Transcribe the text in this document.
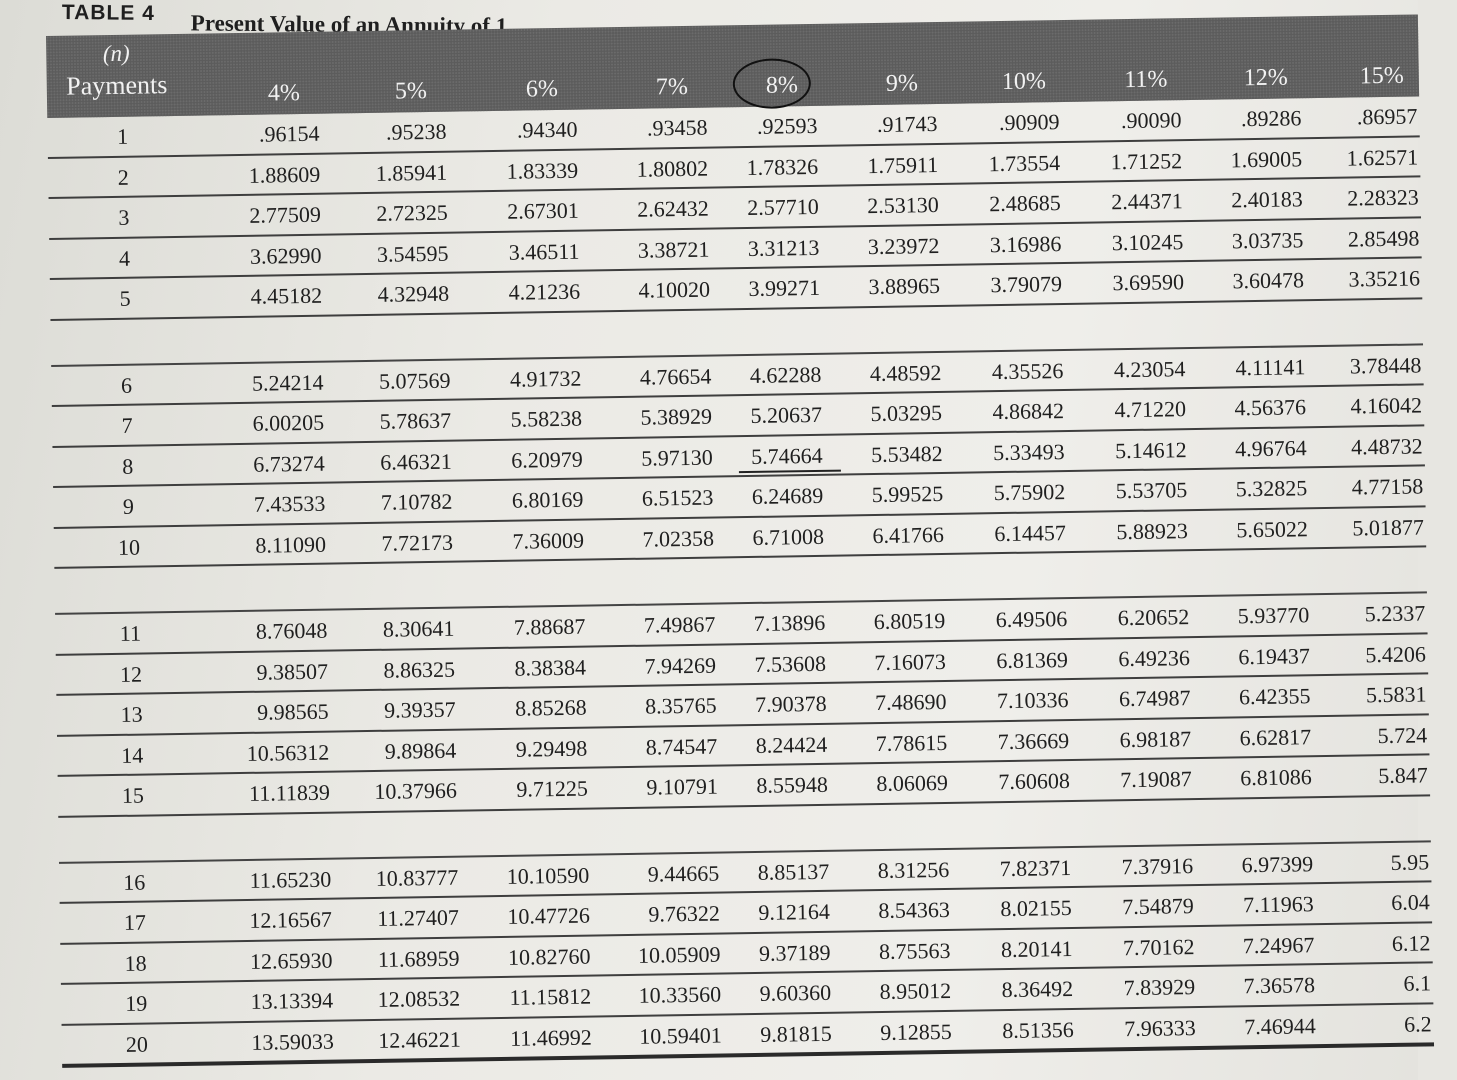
TABLE 4 Present Value of an Annuity of 1
(n)
Payments	4%	5%	6%	7%	8%	9%	10%	11%	12%	15%
1	.96154	.95238	.94340	.93458	.92593	.91743	.90909	.90090	.89286	.86957
2	1.88609	1.85941	1.83339	1.80802	1.78326	1.75911	1.73554	1.71252	1.69005	1.62571
3	2.77509	2.72325	2.67301	2.62432	2.57710	2.53130	2.48685	2.44371	2.40183	2.28323
4	3.62990	3.54595	3.46511	3.38721	3.31213	3.23972	3.16986	3.10245	3.03735	2.85498
5	4.45182	4.32948	4.21236	4.10020	3.99271	3.88965	3.79079	3.69590	3.60478	3.35216
6	5.24214	5.07569	4.91732	4.76654	4.62288	4.48592	4.35526	4.23054	4.11141	3.78448
7	6.00205	5.78637	5.58238	5.38929	5.20637	5.03295	4.86842	4.71220	4.56376	4.16042
8	6.73274	6.46321	6.20979	5.97130	5.74664	5.53482	5.33493	5.14612	4.96764	4.48732
9	7.43533	7.10782	6.80169	6.51523	6.24689	5.99525	5.75902	5.53705	5.32825	4.77158
10	8.11090	7.72173	7.36009	7.02358	6.71008	6.41766	6.14457	5.88923	5.65022	5.01877
11	8.76048	8.30641	7.88687	7.49867	7.13896	6.80519	6.49506	6.20652	5.93770	5.2337
12	9.38507	8.86325	8.38384	7.94269	7.53608	7.16073	6.81369	6.49236	6.19437	5.4206
13	9.98565	9.39357	8.85268	8.35765	7.90378	7.48690	7.10336	6.74987	6.42355	5.5831
14	10.56312	9.89864	9.29498	8.74547	8.24424	7.78615	7.36669	6.98187	6.62817	5.724
15	11.11839	10.37966	9.71225	9.10791	8.55948	8.06069	7.60608	7.19087	6.81086	5.847
16	11.65230	10.83777	10.10590	9.44665	8.85137	8.31256	7.82371	7.37916	6.97399	5.95
17	12.16567	11.27407	10.47726	9.76322	9.12164	8.54363	8.02155	7.54879	7.11963	6.04
18	12.65930	11.68959	10.82760	10.05909	9.37189	8.75563	8.20141	7.70162	7.24967	6.12
19	13.13394	12.08532	11.15812	10.33560	9.60360	8.95012	8.36492	7.83929	7.36578	6.1
20	13.59033	12.46221	11.46992	10.59401	9.81815	9.12855	8.51356	7.96333	7.46944	6.2
